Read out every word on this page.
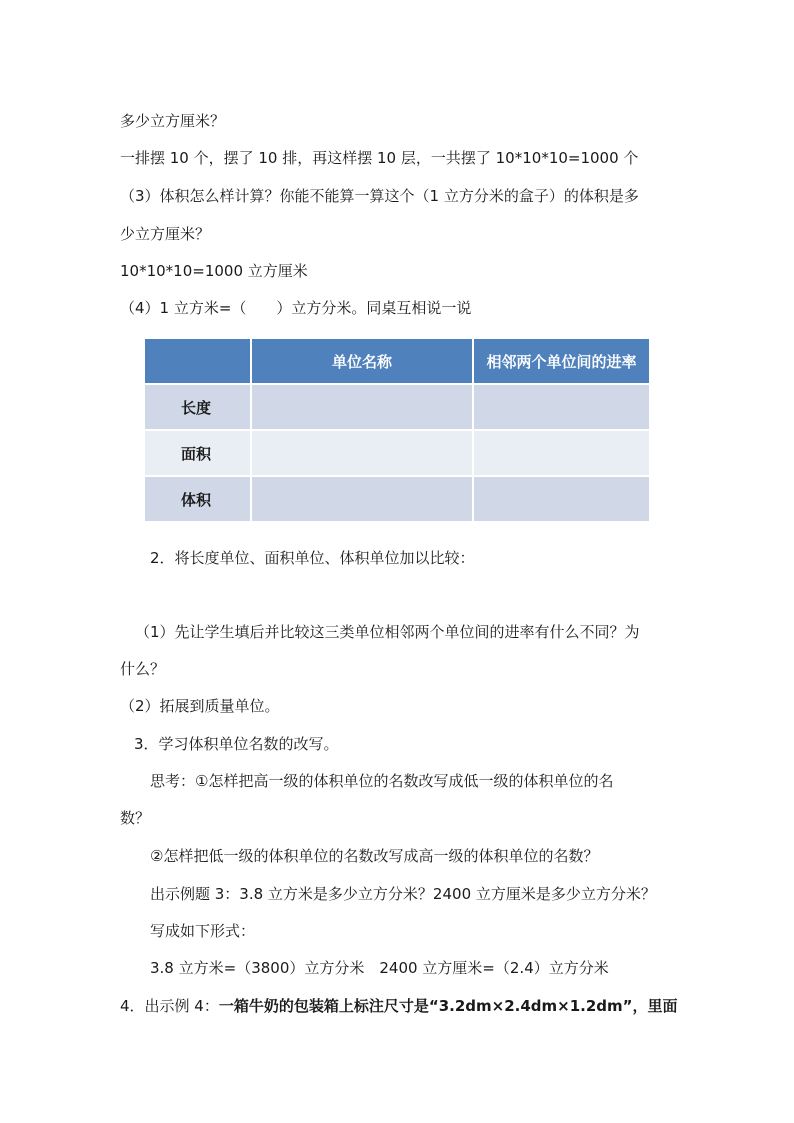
多少立方厘米？
一排摆 10 个，摆了 10 排，再这样摆 10 层，一共摆了 10*10*10=1000 个
（3）体积怎么样计算？你能不能算一算这个（1 立方分米的盒子）的体积是多
少立方厘米？
10*10*10=1000 立方厘米
（4）1 立方米=（　　）立方分米。同桌互相说一说
	单位名称	相邻两个单位间的进率
长度		
面积		
体积		
2．将长度单位、面积单位、体积单位加以比较：
（1）先让学生填后并比较这三类单位相邻两个单位间的进率有什么不同？为
什么？
（2）拓展到质量单位。
3．学习体积单位名数的改写。
思考：①怎样把高一级的体积单位的名数改写成低一级的体积单位的名
数？
②怎样把低一级的体积单位的名数改写成高一级的体积单位的名数？
出示例题 3：3.8 立方米是多少立方分米？2400 立方厘米是多少立方分米？
写成如下形式：
3.8 立方米=（3800）立方分米　2400 立方厘米=（2.4）立方分米
4．出示例 4：一箱牛奶的包装箱上标注尺寸是“3.2dm×2.4dm×1.2dm”，里面
